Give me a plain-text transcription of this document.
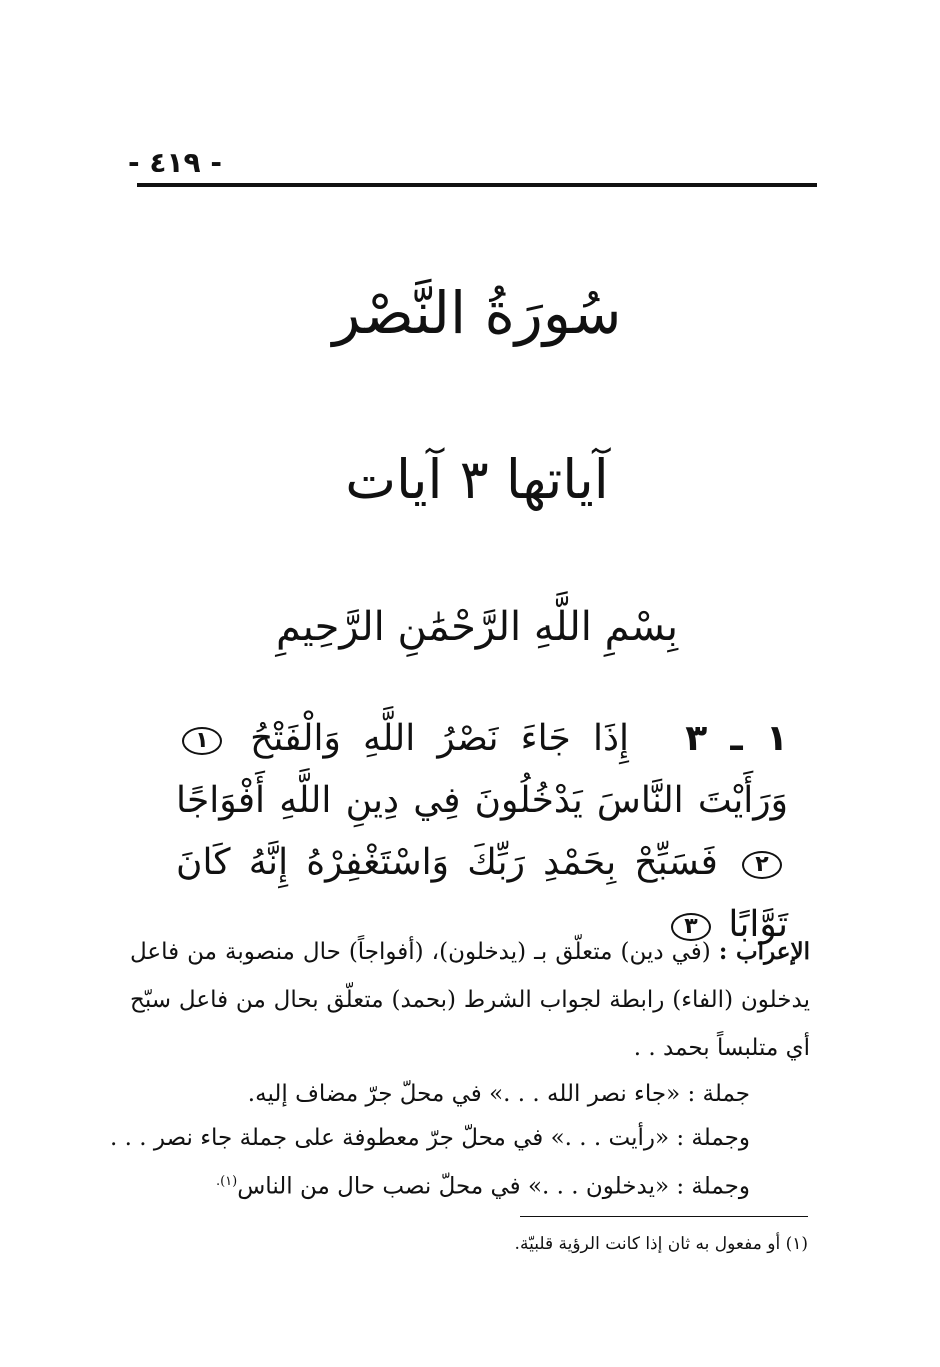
- ٤١٩ -
سُورَةُ النَّصْر
آياتها ٣ آيات
بِسْمِ اللَّهِ الرَّحْمَٰنِ الرَّحِيمِ
١ ـ ٣ إِذَا جَاءَ نَصْرُ اللَّهِ وَالْفَتْحُ ١ وَرَأَيْتَ النَّاسَ يَدْخُلُونَ فِي دِينِ اللَّهِ أَفْوَاجًا ٢ فَسَبِّحْ بِحَمْدِ رَبِّكَ وَاسْتَغْفِرْهُ إِنَّهُ كَانَ تَوَّابًا ٣
الإعراب : (في دين) متعلّق بـ (يدخلون)، (أفواجاً) حال منصوبة من فاعل يدخلون (الفاء) رابطة لجواب الشرط (بحمد) متعلّق بحال من فاعل سبّح أي متلبساً بحمد . .
جملة : «جاء نصر الله . . .» في محلّ جرّ مضاف إليه.
وجملة : «رأيت . . .» في محلّ جرّ معطوفة على جملة جاء نصر . . .
وجملة : «يدخلون . . .» في محلّ نصب حال من الناس$^{(١).}$
(١) أو مفعول به ثان إذا كانت الرؤية قلبيّة.
